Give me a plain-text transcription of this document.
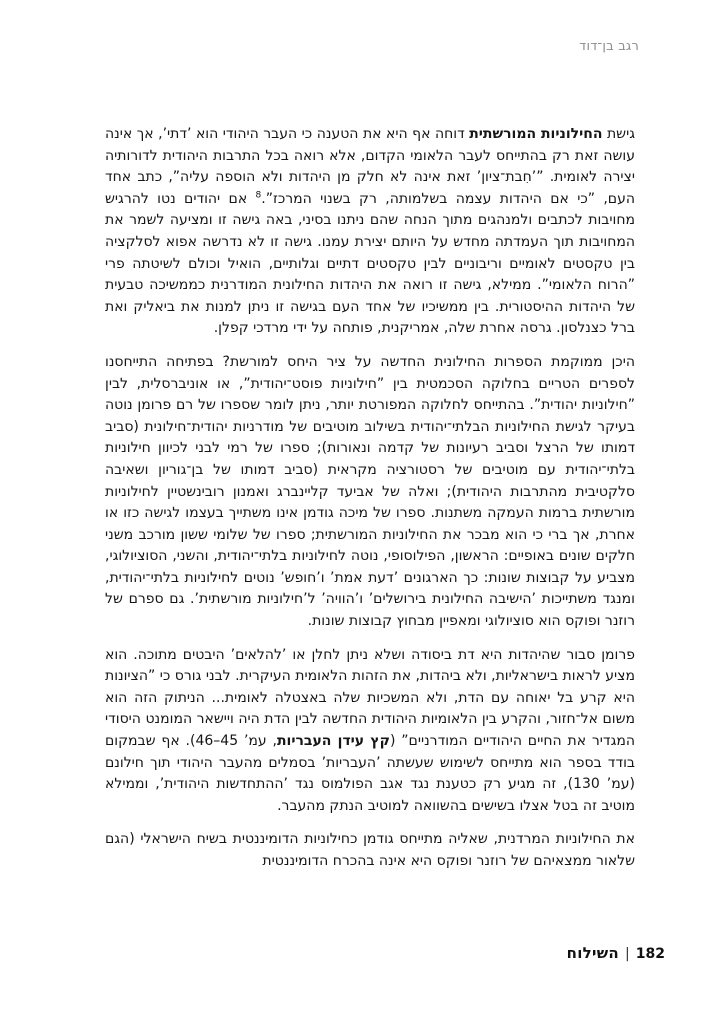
רגב בן־דוד
גישת החילוניות המורשתית דוחה אף היא את הטענה כי העבר היהודי הוא ’דתי’, אך אינה עושה זאת רק בהתייחס לעבר הלאומי הקדום, אלא רואה בכל התרבות היהודית לדורותיה יצירה לאומית. ”’חִבת־ציון’ זאת אינה לא חלק מן היהדות ולא הוספה עליה”, כתב אחד העם, ”כי אם היהדות עצמה בשלמותה, רק בשנוי המרכז”.$^8$ אם יהודים נטו להרגיש מחויבות לכתבים ולמנהגים מתוך הנחה שהם ניתנו בסיני, באה גישה זו ומציעה לשמר את המחויבות תוך העמדתה מחדש על היותם יצירת עמנו. גישה זו לא נדרשה אפוא לסלקציה בין טקסטים לאומיים וריבוניים לבין טקסטים דתיים וגלותיים, הואיל וכולם לשיטתה פרי ”הרוח הלאומי”. ממילא, גישה זו רואה את היהדות החילונית המודרנית כממשיכה טבעית של היהדות ההיסטורית. בין ממשיכיו של אחד העם בגישה זו ניתן למנות את ביאליק ואת ברל כצנלסון. גרסה אחרת שלה, אמריקנית, פותחה על ידי מרדכי קפלן.
היכן ממוקמת הספרות החילונית החדשה על ציר היחס למורשת? בפתיחה התייחסנו לספרים הטריים בחלוקה הסכמטית בין ”חילוניות פוסט־יהודית”, או אוניברסלית, לבין ”חילוניות יהודית”. בהתייחס לחלוקה המפורטת יותר, ניתן לומר שספרו של רם פרומן נוטה בעיקר לגישת החילוניות הבלתי־יהודית בשילוב מוטיבים של מודרניות יהודית־חילונית (סביב דמותו של הרצל וסביב רעיונות של קדמה ונאורות); ספרו של רמי לבני לכיוון חילוניות בלתי־יהודית עם מוטיבים של רסטורציה מקראית (סביב דמותו של בן־גוריון ושאיבה סלקטיבית מהתרבות היהודית); ואלה של אביעד קליינברג ואמנון רובינשטיין לחילוניות מורשתית ברמות העמקה משתנות. ספרו של מיכה גודמן אינו משתייך בעצמו לגישה כזו או אחרת, אך ברי כי הוא מבכר את החילוניות המורשתית; ספרו של שלומי ששון מורכב משני חלקים שונים באופיים: הראשון, הפילוסופי, נוטה לחילוניות בלתי־יהודית, והשני, הסוציולוגי, מצביע על קבוצות שונות: כך הארגונים ’דעת אמת’ ו’חופש’ נוטים לחילוניות בלתי־יהודית, ומנגד משתייכות ’הישיבה החילונית בירושלים’ ו’הוויה’ ל’חילוניות מורשתית’. גם ספרם של רוזנר ופוקס הוא סוציולוגי ומאפיין מבחוץ קבוצות שונות.
פרומן סבור שהיהדות היא דת ביסודה ושלא ניתן לחלן או ’להלאים’ היבטים מתוכה. הוא מציע לראות בישראליות, ולא ביהדות, את הזהות הלאומית העיקרית. לבני גורס כי ”הציונות היא קרע בל יאוחה עם הדת, ולא המשכיות שלה באצטלה לאומית... הניתוק הזה הוא משום אל־חזור, והקרע בין הלאומיות היהודית החדשה לבין הדת היה ויישאר המומנט היסודי המגדיר את החיים היהודיים המודרניים” (קץ עידן העבריות, עמ’ 45–46). אף שבמקום בודד בספר הוא מתייחס לשימוש שעשתה ’העבריות’ בסמלים מהעבר היהודי תוך חילונם (עמ’ 130), זה מגיע רק כטענת נגד אגב הפולמוס נגד ’ההתחדשות היהודית’, וממילא מוטיב זה בטל אצלו בשישים בהשוואה למוטיב הנתק מהעבר.
את החילוניות המרדנית, שאליה מתייחס גודמן כחילוניות הדומיננטית בשיח הישראלי (הגם שלאור ממצאיהם של רוזנר ופוקס היא אינה בהכרח הדומיננטית
182
|
השילוח
